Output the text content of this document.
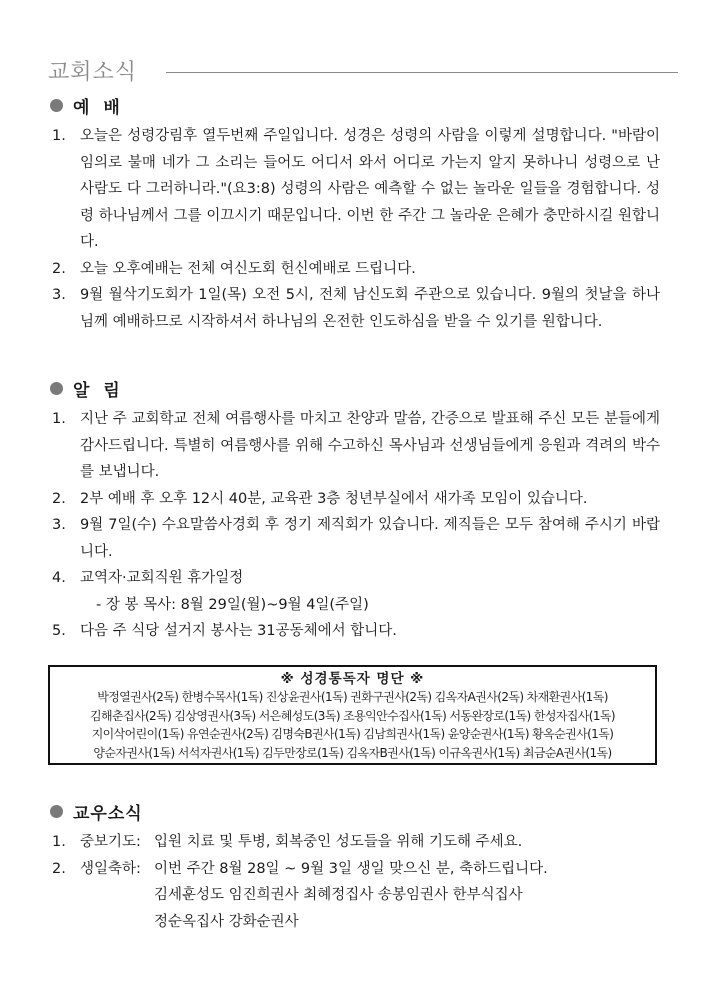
교회소식
예 배
1. 오늘은 성령강림후 열두번째 주일입니다. 성경은 성령의 사람을 이렇게 설명합니다. "바람이 임의로 불매 네가 그 소리는 들어도 어디서 와서 어디로 가는지 알지 못하나니 성령으로 난 사람도 다 그러하니라."(요3:8) 성령의 사람은 예측할 수 없는 놀라운 일들을 경험합니다. 성령 하나님께서 그를 이끄시기 때문입니다. 이번 한 주간 그 놀라운 은혜가 충만하시길 원합니다.
2. 오늘 오후예배는 전체 여신도회 헌신예배로 드립니다.
3. 9월 월삭기도회가 1일(목) 오전 5시, 전체 남신도회 주관으로 있습니다. 9월의 첫날을 하나님께 예배하므로 시작하셔서 하나님의 온전한 인도하심을 받을 수 있기를 원합니다.
알 림
1. 지난 주 교회학교 전체 여름행사를 마치고 찬양과 말씀, 간증으로 발표해 주신 모든 분들에게 감사드립니다. 특별히 여름행사를 위해 수고하신 목사님과 선생님들에게 응원과 격려의 박수를 보냅니다.
2. 2부 예배 후 오후 12시 40분, 교육관 3층 청년부실에서 새가족 모임이 있습니다.
3. 9월 7일(수) 수요말씀사경회 후 정기 제직회가 있습니다. 제직들은 모두 참여해 주시기 바랍니다.
4. 교역자·교회직원 휴가일정
- 장 봉 목사: 8월 29일(월)~9월 4일(주일)
5. 다음 주 식당 설거지 봉사는 31공동체에서 합니다.
※ 성경통독자 명단 ※
박정열권사(2독) 한병수목사(1독) 진상윤권사(1독) 권화구권사(2독) 김옥자A권사(2독) 차재환권사(1독)
김해춘집사(2독) 김상영권사(3독) 서은혜성도(3독) 조용익안수집사(1독) 서동완장로(1독) 한성자집사(1독)
지이삭어린이(1독) 유연순권사(2독) 김명숙B권사(1독) 김남희권사(1독) 윤양순권사(1독) 황옥순권사(1독)
양순자권사(1독) 서석자권사(1독) 김두만장로(1독) 김옥자B권사(1독) 이규옥권사(1독) 최금순A권사(1독)
교우소식
1. 중보기도: 입원 치료 및 투병, 회복중인 성도들을 위해 기도해 주세요.
2. 생일축하: 이번 주간 8월 28일 ~ 9월 3일 생일 맞으신 분, 축하드립니다.
김세훈성도 임진희권사 최혜정집사 송봉임권사 한부식집사
정순옥집사 강화순권사
